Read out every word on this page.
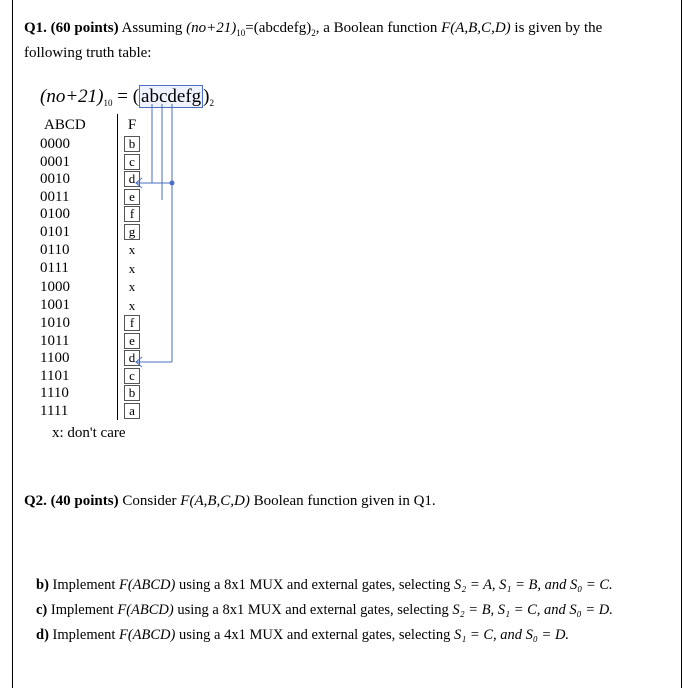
Q1. (60 points) Assuming $(no+21)_{10}=(abcdefg)_2$, a Boolean function F(A,B,C,D) is given by the
following truth table:
$(no+21)_{10}$ = ( abcdefg )$_2$
ABCD	F
0000	b
0001	c
0010	d
0011	e
0100	f
0101	g
0110	x
0111	x
1000	x
1001	x
1010	f
1011	e
1100	d
1101	c
1110	b
1111	a
x: don't care
Q2. (40 points) Consider F(A,B,C,D) Boolean function given in Q1.
b) Implement F(ABCD) using a 8x1 MUX and external gates, selecting S₂ = A, S₁ = B, and S₀ = C.
c) Implement F(ABCD) using a 8x1 MUX and external gates, selecting S₂ = B, S₁ = C, and S₀ = D.
d) Implement F(ABCD) using a 4x1 MUX and external gates, selecting S₁ = C, and S₀ = D.
